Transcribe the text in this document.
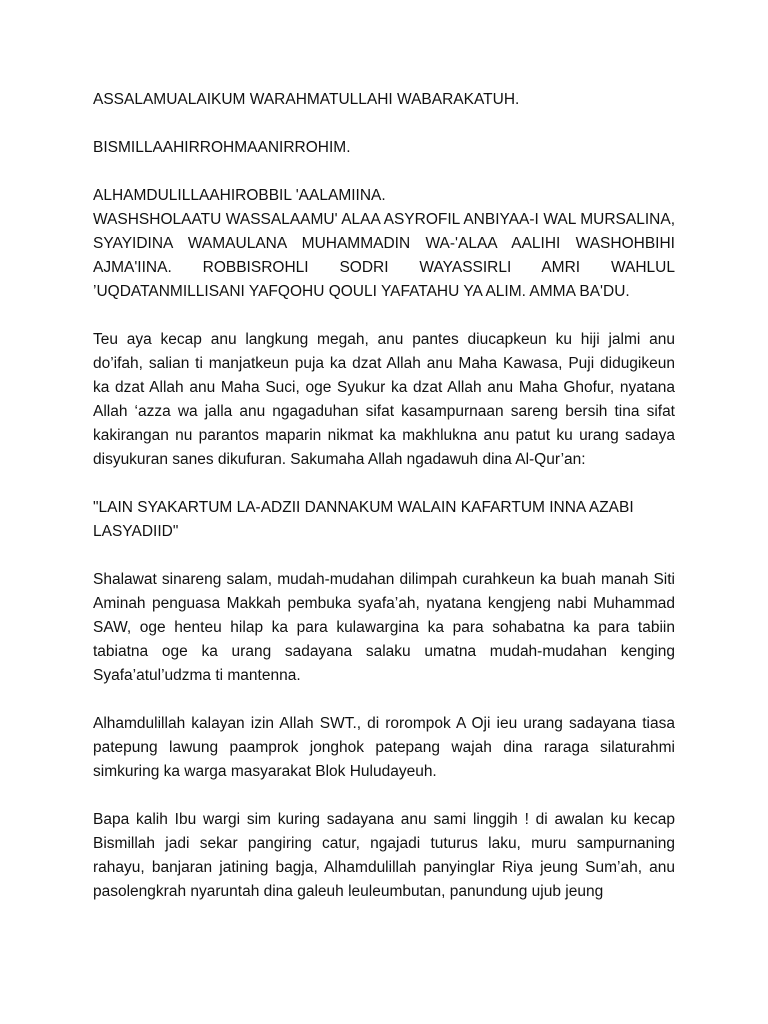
ASSALAMUALAIKUM WARAHMATULLAHI WABARAKATUH.

BISMILLAAHIRROHMAANIRROHIM.

ALHAMDULILLAAHIROBBIL 'AALAMIINA.
WASHSHOLAATU WASSALAAMU' ALAA ASYROFIL ANBIYAA-I WAL MURSALINA,
SYAYIDINA WAMAULANA MUHAMMADIN WA-'ALAA AALIHI WASHOHBIHI
AJMA'IINA. ROBBISROHLI SODRI WAYASSIRLI AMRI WAHLUL
’UQDATANMILLISANI YAFQOHU QOULI YAFATAHU YA ALIM. AMMA BA'DU.

Teu aya kecap anu langkung megah, anu pantes diucapkeun ku hiji jalmi anu do’ifah, salian ti manjatkeun puja ka dzat Allah anu Maha Kawasa, Puji didugikeun ka dzat Allah anu Maha Suci, oge Syukur ka dzat Allah anu Maha Ghofur, nyatana Allah ‘azza wa jalla anu ngagaduhan sifat kasampurnaan sareng bersih tina sifat kakirangan nu parantos maparin nikmat ka makhlukna anu patut ku urang sadaya disyukuran sanes dikufuran. Sakumaha Allah ngadawuh dina Al-Qur’an:

"LAIN SYAKARTUM LA-ADZII DANNAKUM WALAIN KAFARTUM INNA AZABI
LASYADIID"

Shalawat sinareng salam, mudah-mudahan dilimpah curahkeun ka buah manah Siti Aminah penguasa Makkah pembuka syafa’ah, nyatana kengjeng nabi Muhammad SAW, oge henteu hilap ka para kulawargina ka para sohabatna ka para tabiin tabiatna oge ka urang sadayana salaku umatna mudah-mudahan kenging Syafa’atul’udzma ti mantenna.

Alhamdulillah kalayan izin Allah SWT., di rorompok A Oji ieu urang sadayana tiasa patepung lawung paamprok jonghok patepang wajah dina raraga silaturahmi simkuring ka warga masyarakat Blok Huludayeuh.

Bapa kalih Ibu wargi sim kuring sadayana anu sami linggih ! di awalan ku kecap Bismillah jadi sekar pangiring catur, ngajadi tuturus laku, muru sampurnaning rahayu, banjaran jatining bagja, Alhamdulillah panyinglar Riya jeung Sum’ah, anu pasolengkrah nyaruntah dina galeuh leuleumbutan, panundung ujub jeung
